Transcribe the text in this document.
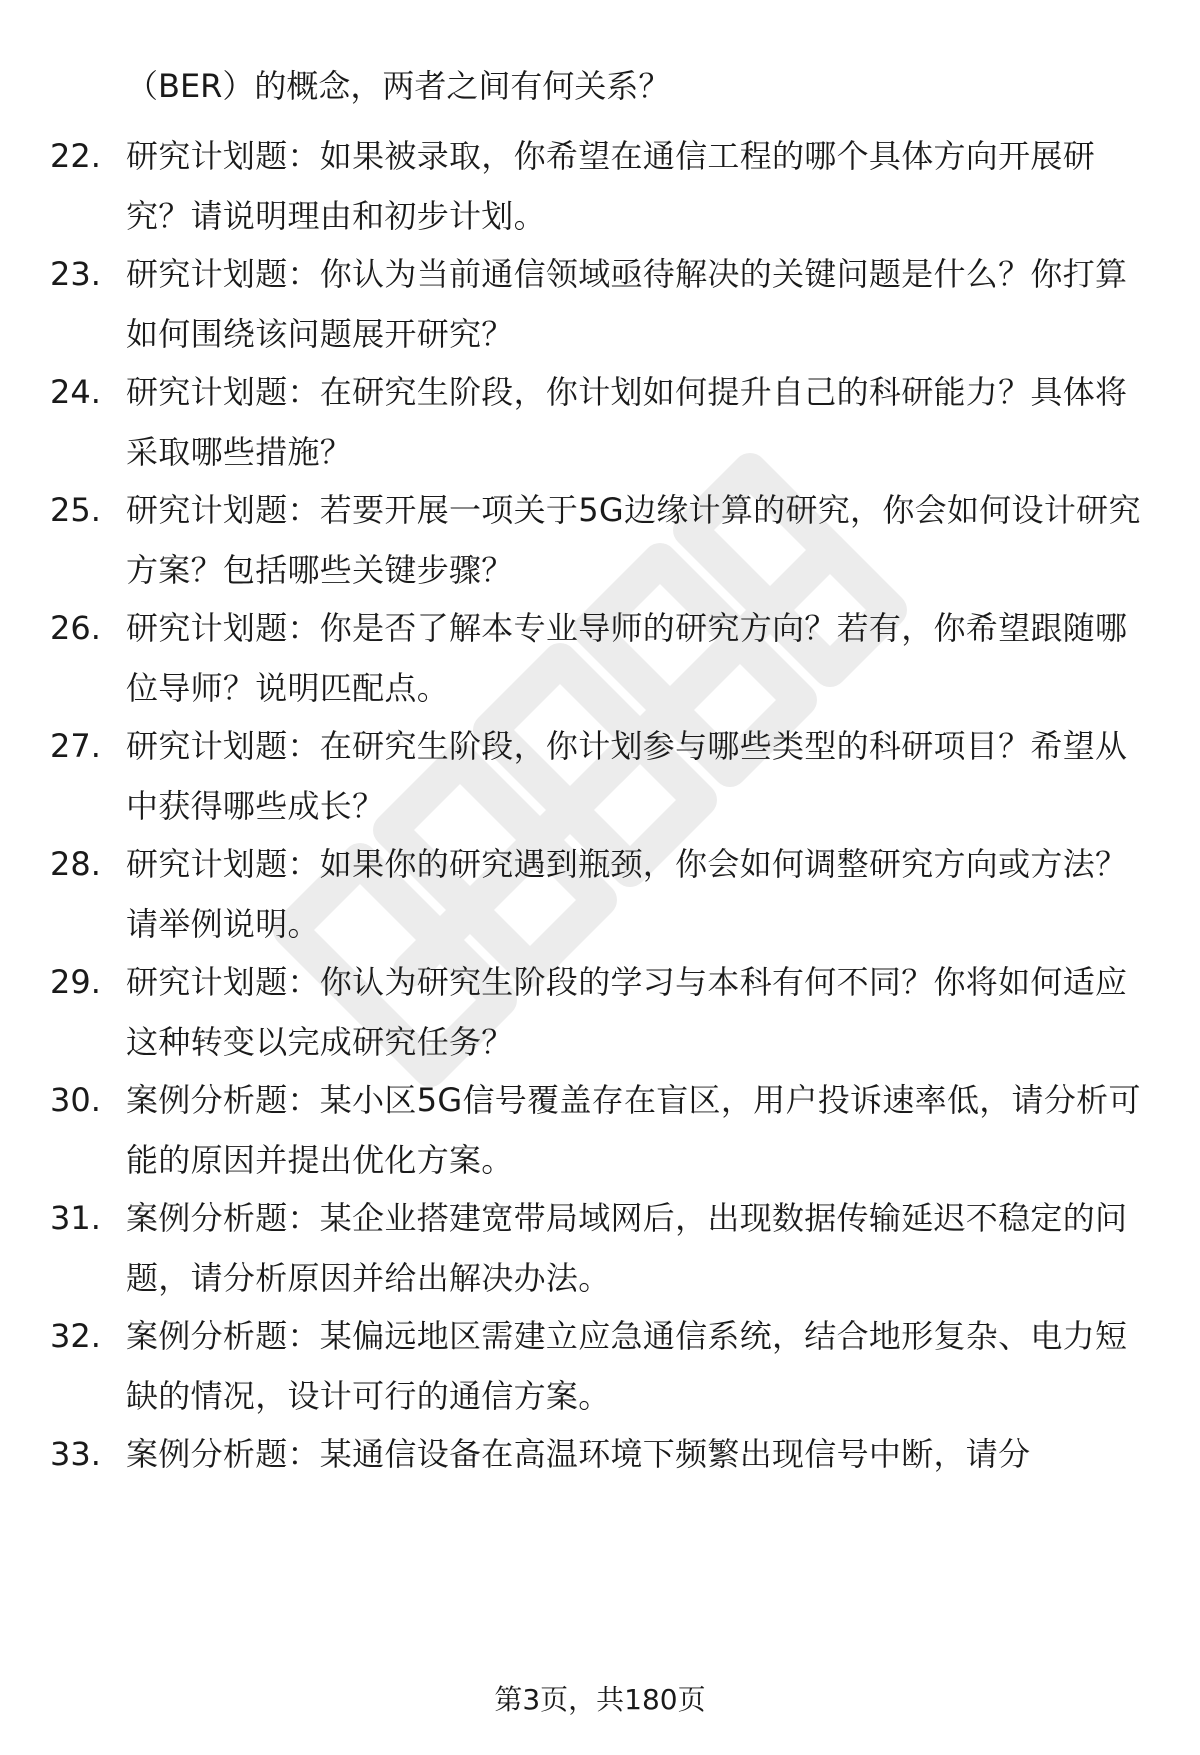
（BER）的概念，两者之间有何关系？
22. 研究计划题：如果被录取，你希望在通信工程的哪个具体方向开展研究？请说明理由和初步计划。
23. 研究计划题：你认为当前通信领域亟待解决的关键问题是什么？你打算如何围绕该问题展开研究？
24. 研究计划题：在研究生阶段，你计划如何提升自己的科研能力？具体将采取哪些措施？
25. 研究计划题：若要开展一项关于5G边缘计算的研究，你会如何设计研究方案？包括哪些关键步骤？
26. 研究计划题：你是否了解本专业导师的研究方向？若有，你希望跟随哪位导师？说明匹配点。
27. 研究计划题：在研究生阶段，你计划参与哪些类型的科研项目？希望从中获得哪些成长？
28. 研究计划题：如果你的研究遇到瓶颈，你会如何调整研究方向或方法？请举例说明。
29. 研究计划题：你认为研究生阶段的学习与本科有何不同？你将如何适应这种转变以完成研究任务？
30. 案例分析题：某小区5G信号覆盖存在盲区，用户投诉速率低，请分析可能的原因并提出优化方案。
31. 案例分析题：某企业搭建宽带局域网后，出现数据传输延迟不稳定的问题，请分析原因并给出解决办法。
32. 案例分析题：某偏远地区需建立应急通信系统，结合地形复杂、电力短缺的情况，设计可行的通信方案。
33. 案例分析题：某通信设备在高温环境下频繁出现信号中断，请分
第3页，共180页
